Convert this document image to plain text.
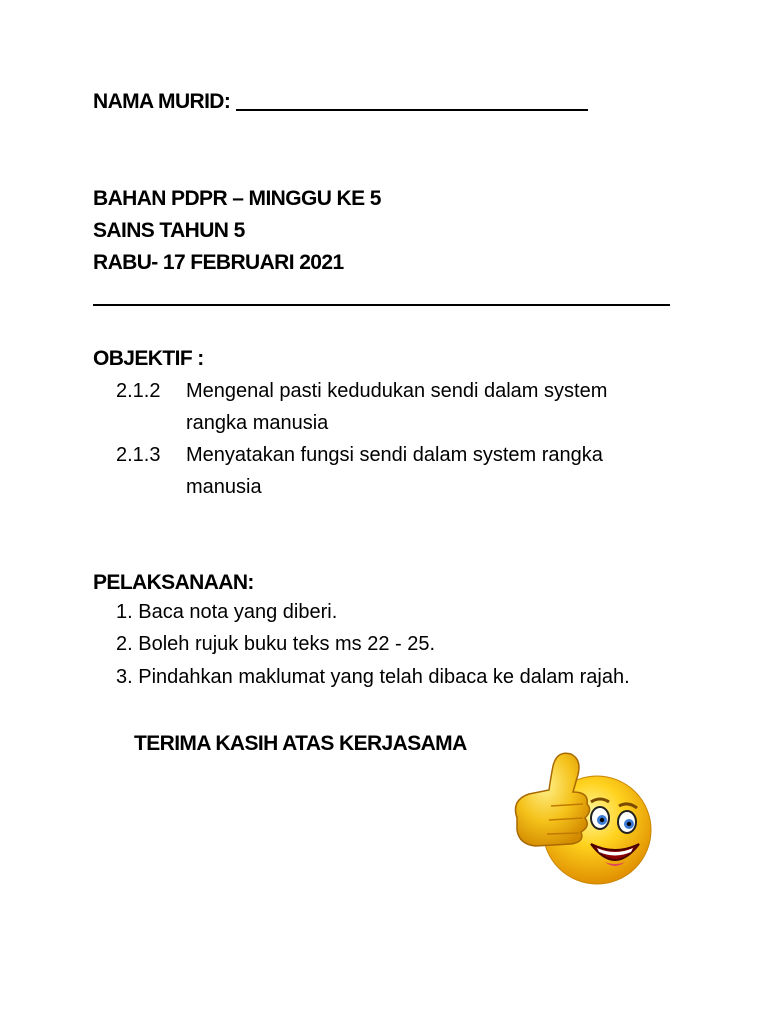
NAMA MURID:
BAHAN PDPR – MINGGU KE 5
SAINS TAHUN 5
RABU- 17 FEBRUARI 2021
OBJEKTIF :
2.1.2	Mengenal pasti kedudukan sendi dalam system rangka manusia
2.1.3	Menyatakan fungsi sendi dalam system rangka manusia
PELAKSANAAN:
1. Baca nota yang diberi.
2. Boleh rujuk buku teks ms 22 - 25.
3. Pindahkan maklumat yang telah dibaca ke dalam rajah.
TERIMA KASIH ATAS KERJASAMA
